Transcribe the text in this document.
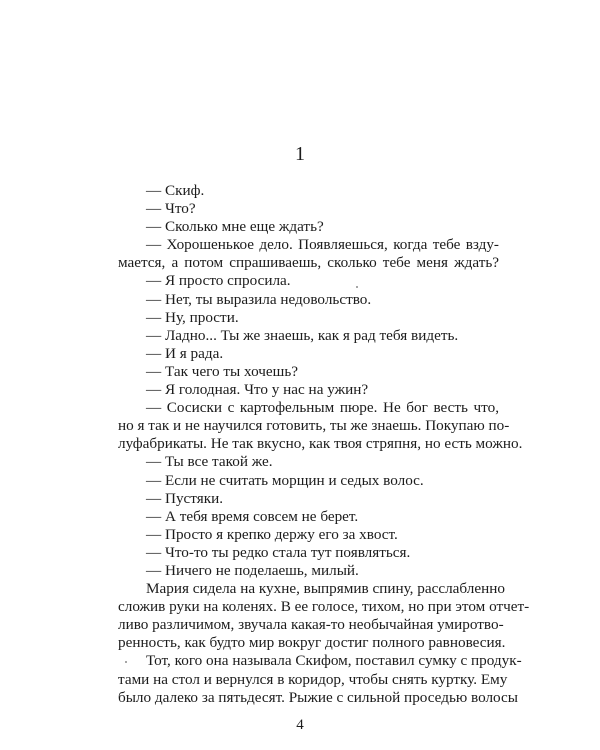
1
— Скиф.
— Что?
— Сколько мне еще ждать?
— Хорошенькое дело. Появляешься, когда тебе взду-
мается, а потом спрашиваешь, сколько тебе меня ждать?
— Я просто спросила.
— Нет, ты выразила недовольство.
— Ну, прости.
— Ладно... Ты же знаешь, как я рад тебя видеть.
— И я рада.
— Так чего ты хочешь?
— Я голодная. Что у нас на ужин?
— Сосиски с картофельным пюре. Не бог весть что,
но я так и не научился готовить, ты же знаешь. Покупаю по-
луфабрикаты. Не так вкусно, как твоя стряпня, но есть можно.
— Ты все такой же.
— Если не считать морщин и седых волос.
— Пустяки.
— А тебя время совсем не берет.
— Просто я крепко держу его за хвост.
— Что-то ты редко стала тут появляться.
— Ничего не поделаешь, милый.
Мария сидела на кухне, выпрямив спину, расслабленно
сложив руки на коленях. В ее голосе, тихом, но при этом отчет-
ливо различимом, звучала какая-то необычайная умиротво-
ренность, как будто мир вокруг достиг полного равновесия.
Тот, кого она называла Скифом, поставил сумку с продук-
тами на стол и вернулся в коридор, чтобы снять куртку. Ему
было далеко за пятьдесят. Рыжие с сильной проседью волосы
4
